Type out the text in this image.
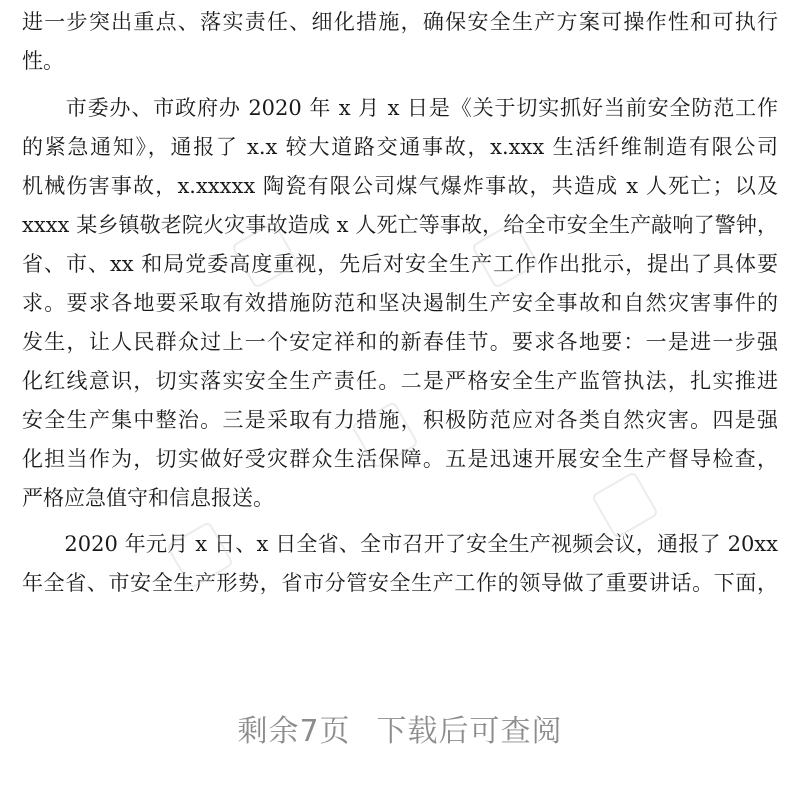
进一步突出重点、落实责任、细化措施，确保安全生产方案可操作性和可执行
性。
　　市委办、市政府办 2020 年 x 月 x 日是《关于切实抓好当前安全防范工作
的紧急通知》，通报了 x.x 较大道路交通事故，x.xxx 生活纤维制造有限公司
机械伤害事故，x.xxxxx 陶瓷有限公司煤气爆炸事故，共造成 x 人死亡；以及
xxxx 某乡镇敬老院火灾事故造成 x 人死亡等事故，给全市安全生产敲响了警钟，
省、市、xx 和局党委高度重视，先后对安全生产工作作出批示，提出了具体要
求。要求各地要采取有效措施防范和坚决遏制生产安全事故和自然灾害事件的
发生，让人民群众过上一个安定祥和的新春佳节。要求各地要：一是进一步强
化红线意识，切实落实安全生产责任。二是严格安全生产监管执法，扎实推进
安全生产集中整治。三是采取有力措施，积极防范应对各类自然灾害。四是强
化担当作为，切实做好受灾群众生活保障。五是迅速开展安全生产督导检查，
严格应急值守和信息报送。
　　2020 年元月 x 日、x 日全省、全市召开了安全生产视频会议，通报了 20xx
年全省、市安全生产形势，省市分管安全生产工作的领导做了重要讲话。下面，
剩余7页 下载后可查阅
